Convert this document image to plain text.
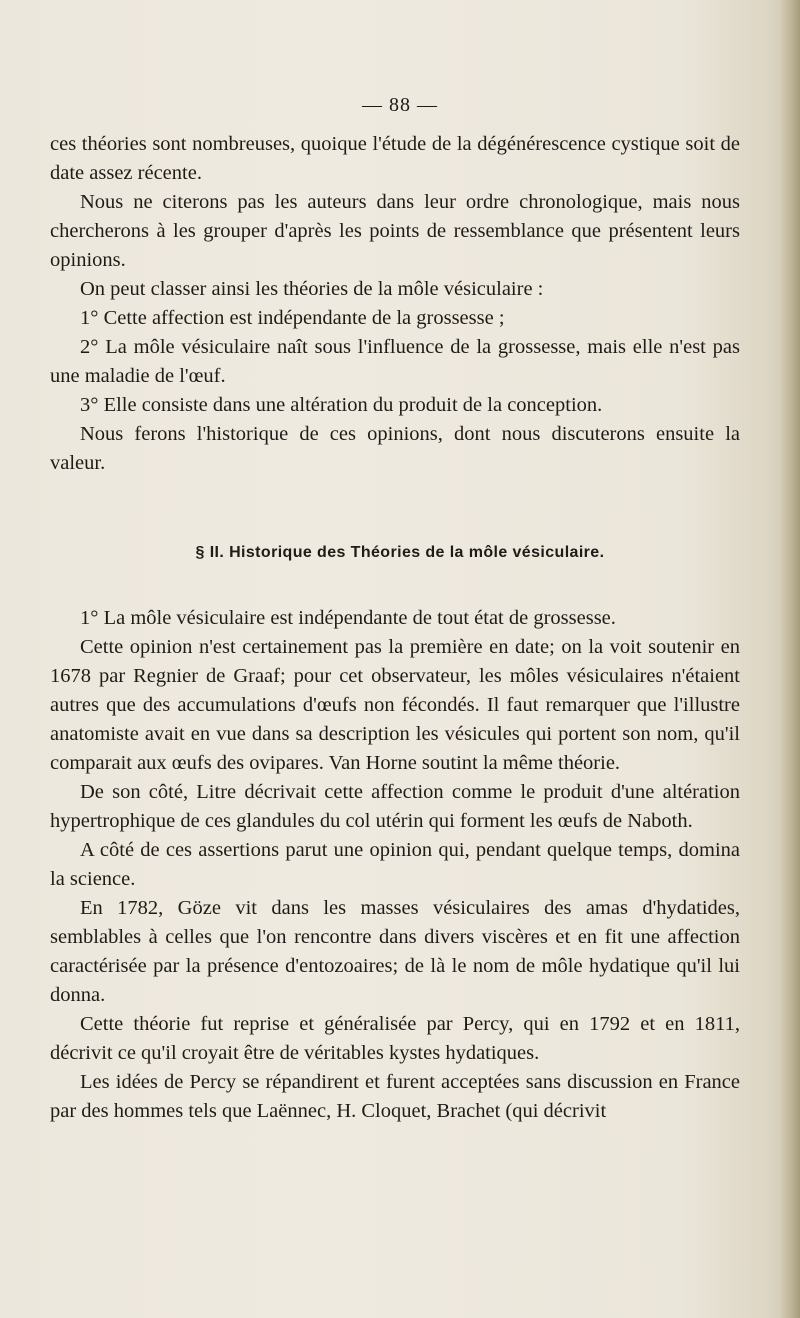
— 88 —

ces théories sont nombreuses, quoique l'étude de la dégénérescence cystique soit de date assez récente.

Nous ne citerons pas les auteurs dans leur ordre chronologique, mais nous chercherons à les grouper d'après les points de ressemblance que présentent leurs opinions.

On peut classer ainsi les théories de la môle vésiculaire :

1° Cette affection est indépendante de la grossesse ;

2° La môle vésiculaire naît sous l'influence de la grossesse, mais elle n'est pas une maladie de l'œuf.

3° Elle consiste dans une altération du produit de la conception.

Nous ferons l'historique de ces opinions, dont nous discuterons ensuite la valeur.

§ II. Historique des Théories de la môle vésiculaire.

1° La môle vésiculaire est indépendante de tout état de grossesse.

Cette opinion n'est certainement pas la première en date; on la voit soutenir en 1678 par Regnier de Graaf; pour cet observateur, les môles vésiculaires n'étaient autres que des accumulations d'œufs non fécondés. Il faut remarquer que l'illustre anatomiste avait en vue dans sa description les vésicules qui portent son nom, qu'il comparait aux œufs des ovipares. Van Horne soutint la même théorie.

De son côté, Litre décrivait cette affection comme le produit d'une altération hypertrophique de ces glandules du col utérin qui forment les œufs de Naboth.

A côté de ces assertions parut une opinion qui, pendant quelque temps, domina la science.

En 1782, Göze vit dans les masses vésiculaires des amas d'hydatides, semblables à celles que l'on rencontre dans divers viscères et en fit une affection caractérisée par la présence d'entozoaires; de là le nom de môle hydatique qu'il lui donna.

Cette théorie fut reprise et généralisée par Percy, qui en 1792 et en 1811, décrivit ce qu'il croyait être de véritables kystes hydatiques.

Les idées de Percy se répandirent et furent acceptées sans discussion en France par des hommes tels que Laënnec, H. Cloquet, Brachet (qui décrivit
